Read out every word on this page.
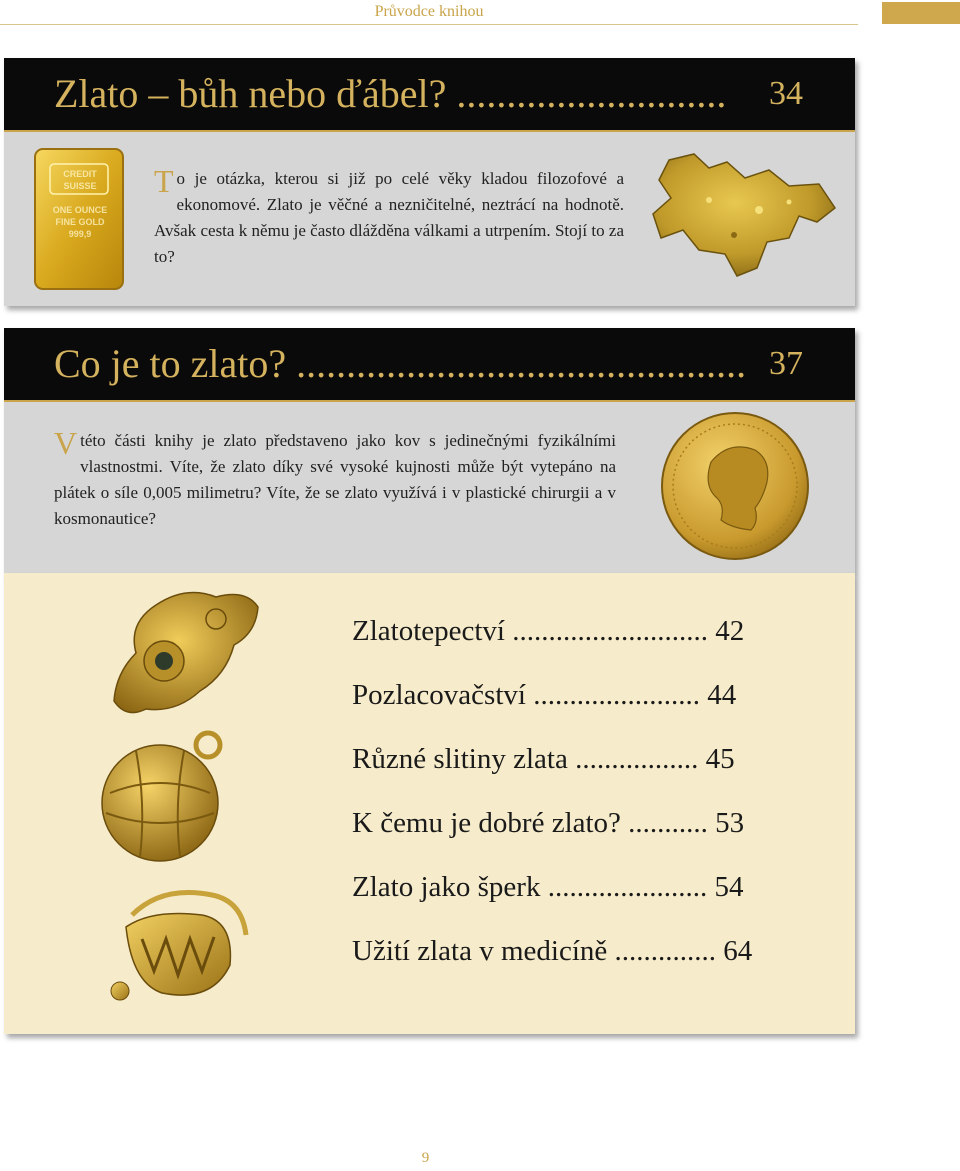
Průvodce knihou
Zlato – bůh nebo ďábel? ........................... 34
CREDIT
SUISSE
ONE OUNCE
FINE GOLD
999,9
To je otázka, kterou si již po celé věky kladou filozofové a ekonomové. Zlato je věčné a nezničitelné, neztrácí na hodnotě. Avšak cesta k němu je často dlážděna válkami a utrpením. Stojí to za to?
Co je to zlato? ............................................. 37
Vtéto části knihy je zlato představeno jako kov s jedinečnými fyzikálními vlastnostmi. Víte, že zlato díky své vysoké kujnosti může být vytepáno na plátek o síle 0,005 milimetru? Víte, že se zlato využívá i v plastické chirurgii a v kosmonautice?
Zlatotepectví ........................... 42
Pozlacovačství ....................... 44
Různé slitiny zlata ................. 45
K čemu je dobré zlato? ........... 53
Zlato jako šperk ...................... 54
Užití zlata v medicíně .............. 64
9
